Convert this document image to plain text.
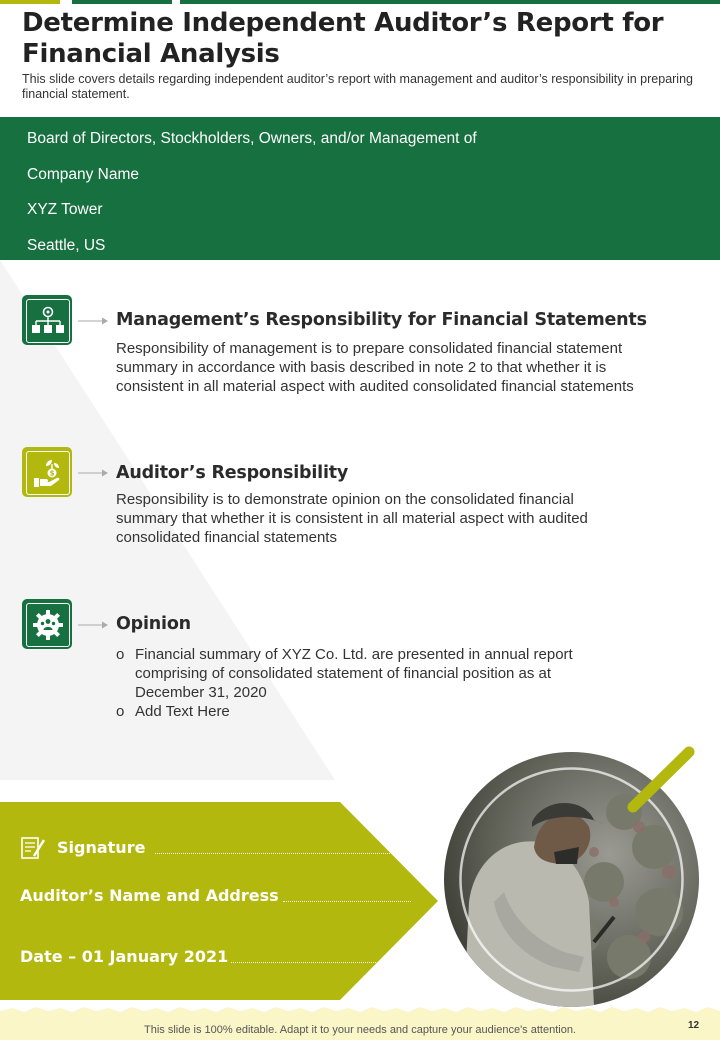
Determine Independent Auditor’s Report for Financial Analysis
This slide covers details regarding independent auditor’s report with management and auditor’s responsibility in preparing financial statement.
Board of Directors, Stockholders, Owners, and/or Management of
Company Name
XYZ Tower
Seattle, US
Management’s Responsibility for Financial Statements
Responsibility of management is to prepare consolidated financial statement summary in accordance with basis described in note 2 to that whether it is consistent in all material aspect with audited consolidated financial statements
$	Auditor’s Responsibility
Responsibility is to demonstrate opinion on the consolidated financial summary that whether it is consistent in all material aspect with audited consolidated financial statements
Opinion
o Financial summary of XYZ Co. Ltd. are presented in annual report comprising of consolidated statement of financial position as at December 31, 2020
o Add Text Here
Signature
Auditor’s Name and Address
Date – 01 January 2021
This slide is 100% editable. Adapt it to your needs and capture your audience's attention.	12
